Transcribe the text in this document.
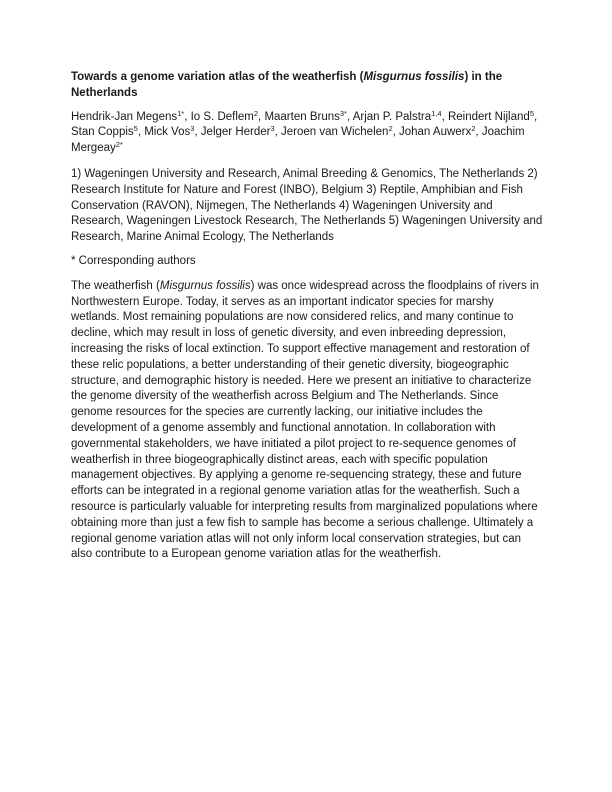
Towards a genome variation atlas of the weatherfish (Misgurnus fossilis) in the Netherlands

Hendrik-Jan Megens$^{1*}$, Io S. Deflem$^2$, Maarten Bruns$^{3*}$, Arjan P. Palstra$^{1,4}$, Reindert Nijland$^5$, Stan Coppis$^5$, Mick Vos$^3$, Jelger Herder$^3$, Jeroen van Wichelen$^2$, Johan Auwerx$^2$, Joachim Mergeay$^{2*}$

1) Wageningen University and Research, Animal Breeding & Genomics, The Netherlands 2) Research Institute for Nature and Forest (INBO), Belgium 3) Reptile, Amphibian and Fish Conservation (RAVON), Nijmegen, The Netherlands 4) Wageningen University and Research, Wageningen Livestock Research, The Netherlands 5) Wageningen University and Research, Marine Animal Ecology, The Netherlands

* Corresponding authors

The weatherfish (Misgurnus fossilis) was once widespread across the floodplains of rivers in Northwestern Europe. Today, it serves as an important indicator species for marshy wetlands. Most remaining populations are now considered relics, and many continue to decline, which may result in loss of genetic diversity, and even inbreeding depression, increasing the risks of local extinction. To support effective management and restoration of these relic populations, a better understanding of their genetic diversity, biogeographic structure, and demographic history is needed. Here we present an initiative to characterize the genome diversity of the weatherfish across Belgium and The Netherlands. Since genome resources for the species are currently lacking, our initiative includes the development of a genome assembly and functional annotation. In collaboration with governmental stakeholders, we have initiated a pilot project to re-sequence genomes of weatherfish in three biogeographically distinct areas, each with specific population management objectives. By applying a genome re-sequencing strategy, these and future efforts can be integrated in a regional genome variation atlas for the weatherfish. Such a resource is particularly valuable for interpreting results from marginalized populations where obtaining more than just a few fish to sample has become a serious challenge. Ultimately a regional genome variation atlas will not only inform local conservation strategies, but can also contribute to a European genome variation atlas for the weatherfish.
